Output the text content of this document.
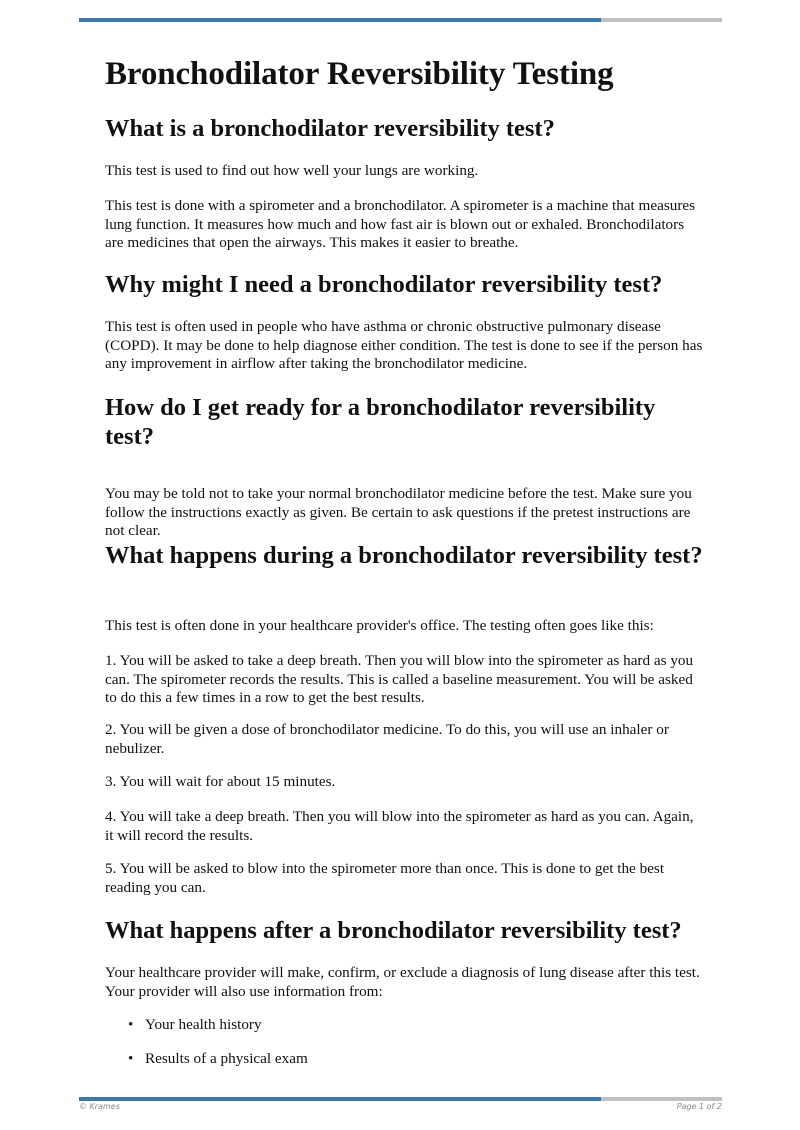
Bronchodilator Reversibility Testing
What is a bronchodilator reversibility test?

This test is used to find out how well your lungs are working.

This test is done with a spirometer and a bronchodilator. A spirometer is a machine that measures lung function. It measures how much and how fast air is blown out or exhaled. Bronchodilators are medicines that open the airways. This makes it easier to breathe.

Why might I need a bronchodilator reversibility test?

This test is often used in people who have asthma or chronic obstructive pulmonary disease (COPD). It may be done to help diagnose either condition. The test is done to see if the person has any improvement in airflow after taking the bronchodilator medicine.

How do I get ready for a bronchodilator reversibility test?

You may be told not to take your normal bronchodilator medicine before the test. Make sure you follow the instructions exactly as given. Be certain to ask questions if the pretest instructions are not clear.

What happens during a bronchodilator reversibility test?

This test is often done in your healthcare provider's office. The testing often goes like this:

1. You will be asked to take a deep breath. Then you will blow into the spirometer as hard as you can. The spirometer records the results. This is called a baseline measurement. You will be asked to do this a few times in a row to get the best results.

2. You will be given a dose of bronchodilator medicine. To do this, you will use an inhaler or nebulizer.

3. You will wait for about 15 minutes.

4. You will take a deep breath. Then you will blow into the spirometer as hard as you can. Again, it will record the results.

5. You will be asked to blow into the spirometer more than once. This is done to get the best reading you can.

What happens after a bronchodilator reversibility test?

Your healthcare provider will make, confirm, or exclude a diagnosis of lung disease after this test. Your provider will also use information from:

• Your health history
• Results of a physical exam
© Krames	Page 1 of 2
